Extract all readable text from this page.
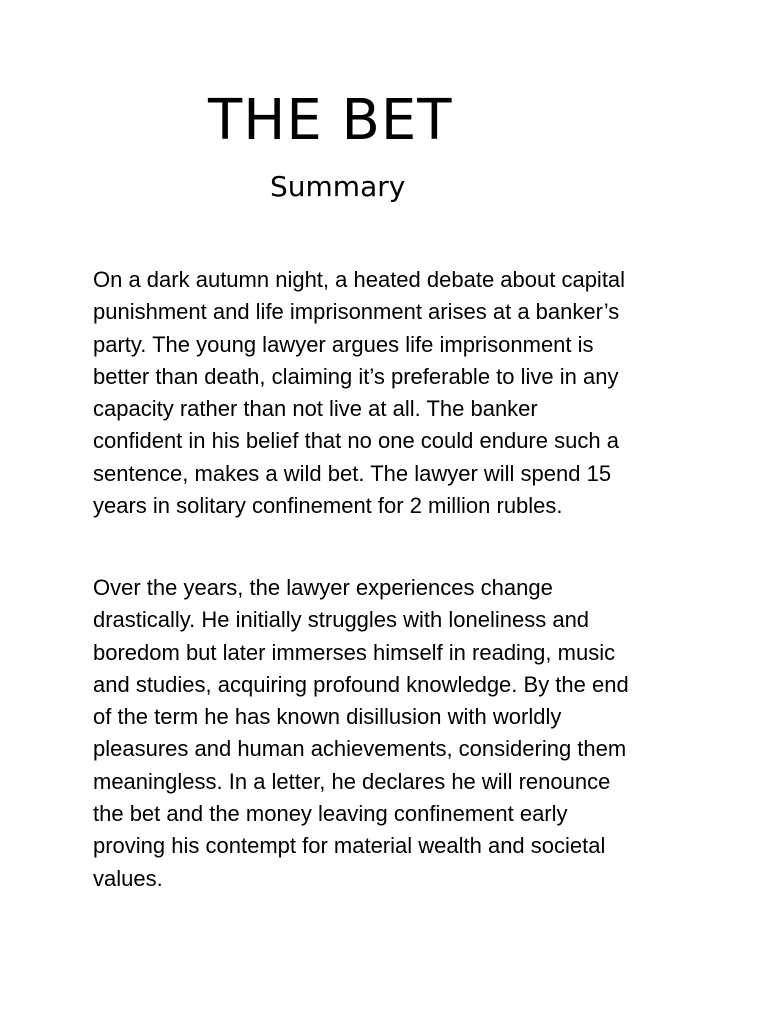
THE BET
Summary

On a dark autumn night, a heated debate about capital
punishment and life imprisonment arises at a banker’s
party. The young lawyer argues life imprisonment is
better than death, claiming it’s preferable to live in any
capacity rather than not live at all. The banker
confident in his belief that no one could endure such a
sentence, makes a wild bet. The lawyer will spend 15
years in solitary confinement for 2 million rubles.

Over the years, the lawyer experiences change
drastically. He initially struggles with loneliness and
boredom but later immerses himself in reading, music
and studies, acquiring profound knowledge. By the end
of the term he has known disillusion with worldly
pleasures and human achievements, considering them
meaningless. In a letter, he declares he will renounce
the bet and the money leaving confinement early
proving his contempt for material wealth and societal
values.
